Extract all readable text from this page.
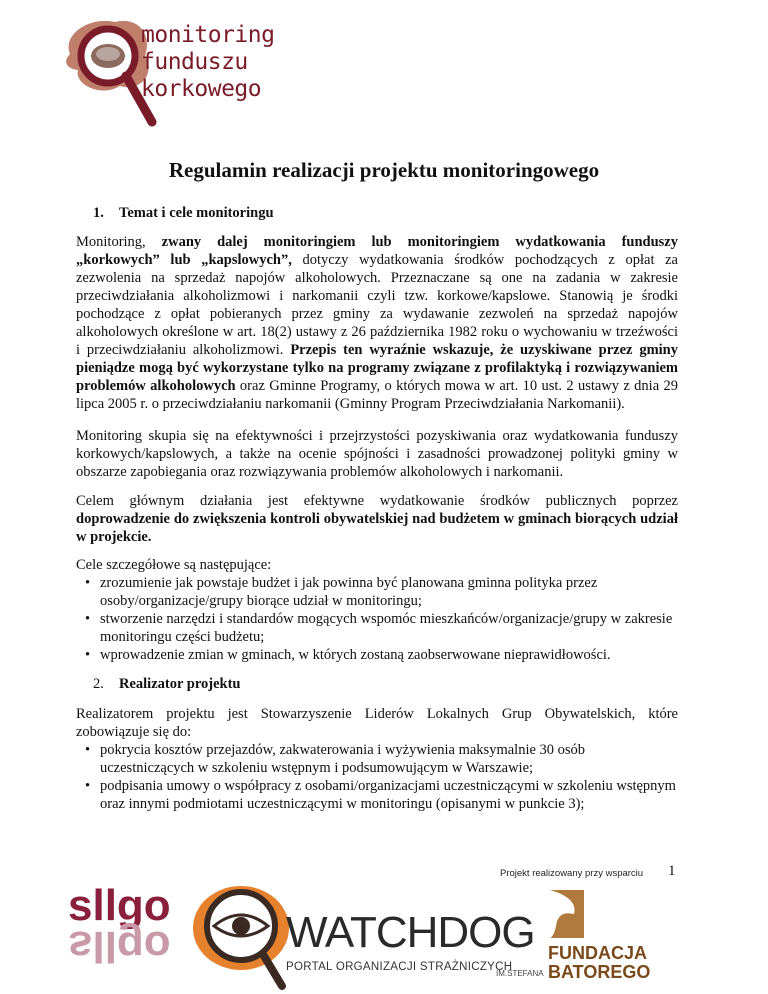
monitoring
funduszu
korkowego
Regulamin realizacji projektu monitoringowego
1. Temat i cele monitoringu
Monitoring, zwany dalej monitoringiem lub monitoringiem wydatkowania funduszy „korkowych” lub „kapslowych”, dotyczy wydatkowania środków pochodzących z opłat za zezwolenia na sprzedaż napojów alkoholowych. Przeznaczane są one na zadania w zakresie przeciwdziałania alkoholizmowi i narkomanii czyli tzw. korkowe/kapslowe. Stanowią je środki pochodzące z opłat pobieranych przez gminy za wydawanie zezwoleń na sprzedaż napojów alkoholowych określone w art. 18(2) ustawy z 26 października 1982 roku o wychowaniu w trzeźwości i przeciwdziałaniu alkoholizmowi. Przepis ten wyraźnie wskazuje, że uzyskiwane przez gminy pieniądze mogą być wykorzystane tylko na programy związane z profilaktyką i rozwiązywaniem problemów alkoholowych oraz Gminne Programy, o których mowa w art. 10 ust. 2 ustawy z dnia 29 lipca 2005 r. o przeciwdziałaniu narkomanii (Gminny Program Przeciwdziałania Narkomanii).
Monitoring skupia się na efektywności i przejrzystości pozyskiwania oraz wydatkowania funduszy korkowych/kapslowych, a także na ocenie spójności i zasadności prowadzonej polityki gminy w obszarze zapobiegania oraz rozwiązywania problemów alkoholowych i narkomanii.
Celem głównym działania jest efektywne wydatkowanie środków publicznych poprzez doprowadzenie do zwiększenia kontroli obywatelskiej nad budżetem w gminach biorących udział w projekcie.
Cele szczegółowe są następujące:
• zrozumienie jak powstaje budżet i jak powinna być planowana gminna polityka przez osoby/organizacje/grupy biorące udział w monitoringu;
• stworzenie narzędzi i standardów mogących wspomóc mieszkańców/organizacje/grupy w zakresie monitoringu części budżetu;
• wprowadzenie zmian w gminach, w których zostaną zaobserwowane nieprawidłowości.
2. Realizator projektu
Realizatorem projektu jest Stowarzyszenie Liderów Lokalnych Grup Obywatelskich, które zobowiązuje się do:
• pokrycia kosztów przejazdów, zakwaterowania i wyżywienia maksymalnie 30 osób uczestniczących w szkoleniu wstępnym i podsumowującym w Warszawie;
• podpisania umowy o współpracy z osobami/organizacjami uczestniczącymi w szkoleniu wstępnym oraz innymi podmiotami uczestniczącymi w monitoringu (opisanymi w punkcie 3);
1
Projekt realizowany przy wsparciu
sllgo
sllgo	WATCHDOG
PORTAL ORGANIZACJI STRAŻNICZYCH
FUNDACJA
IM.STEFANA BATOREGO
